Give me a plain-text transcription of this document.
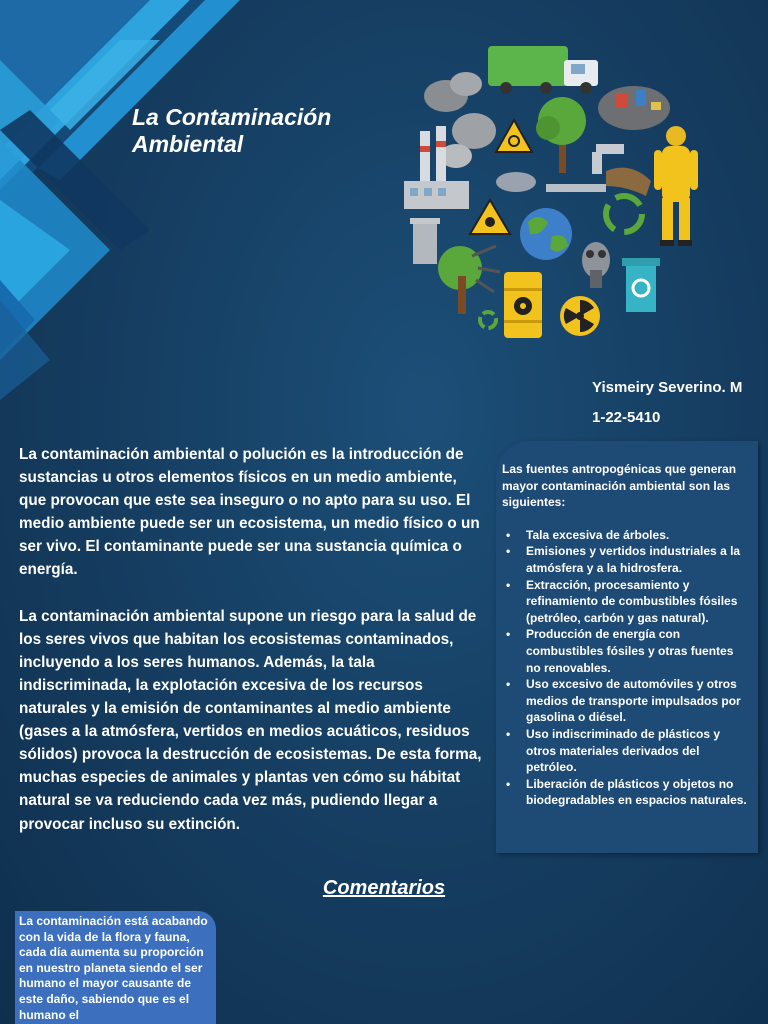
La Contaminación
Ambiental
Yismeiry Severino. M
1-22-5410

La contaminación ambiental o polución es la introducción de sustancias u otros elementos físicos en un medio ambiente, que provocan que este sea inseguro o no apto para su uso. El medio ambiente puede ser un ecosistema, un medio físico o un ser vivo. El contaminante puede ser una sustancia química o energía.

La contaminación ambiental supone un riesgo para la salud de los seres vivos que habitan los ecosistemas contaminados, incluyendo a los seres humanos. Además, la tala indiscriminada, la explotación excesiva de los recursos naturales y la emisión de contaminantes al medio ambiente (gases a la atmósfera, vertidos en medios acuáticos, residuos sólidos) provoca la destrucción de ecosistemas. De esta forma, muchas especies de animales y plantas ven cómo su hábitat natural se va reduciendo cada vez más, pudiendo llegar a provocar incluso su extinción.

Las fuentes antropogénicas que generan mayor contaminación ambiental son las siguientes:
• Tala excesiva de árboles.
• Emisiones y vertidos industriales a la atmósfera y a la hidrosfera.
• Extracción, procesamiento y refinamiento de combustibles fósiles (petróleo, carbón y gas natural).
• Producción de energía con combustibles fósiles y otras fuentes no renovables.
• Uso excesivo de automóviles y otros medios de transporte impulsados por gasolina o diésel.
• Uso indiscriminado de plásticos y otros materiales derivados del petróleo.
• Liberación de plásticos y objetos no biodegradables en espacios naturales.
Comentarios
La contaminación está acabando con la vida de la flora y fauna, cada día aumenta su proporción en nuestro planeta siendo el ser humano el mayor causante de este daño, sabiendo que es el humano el
